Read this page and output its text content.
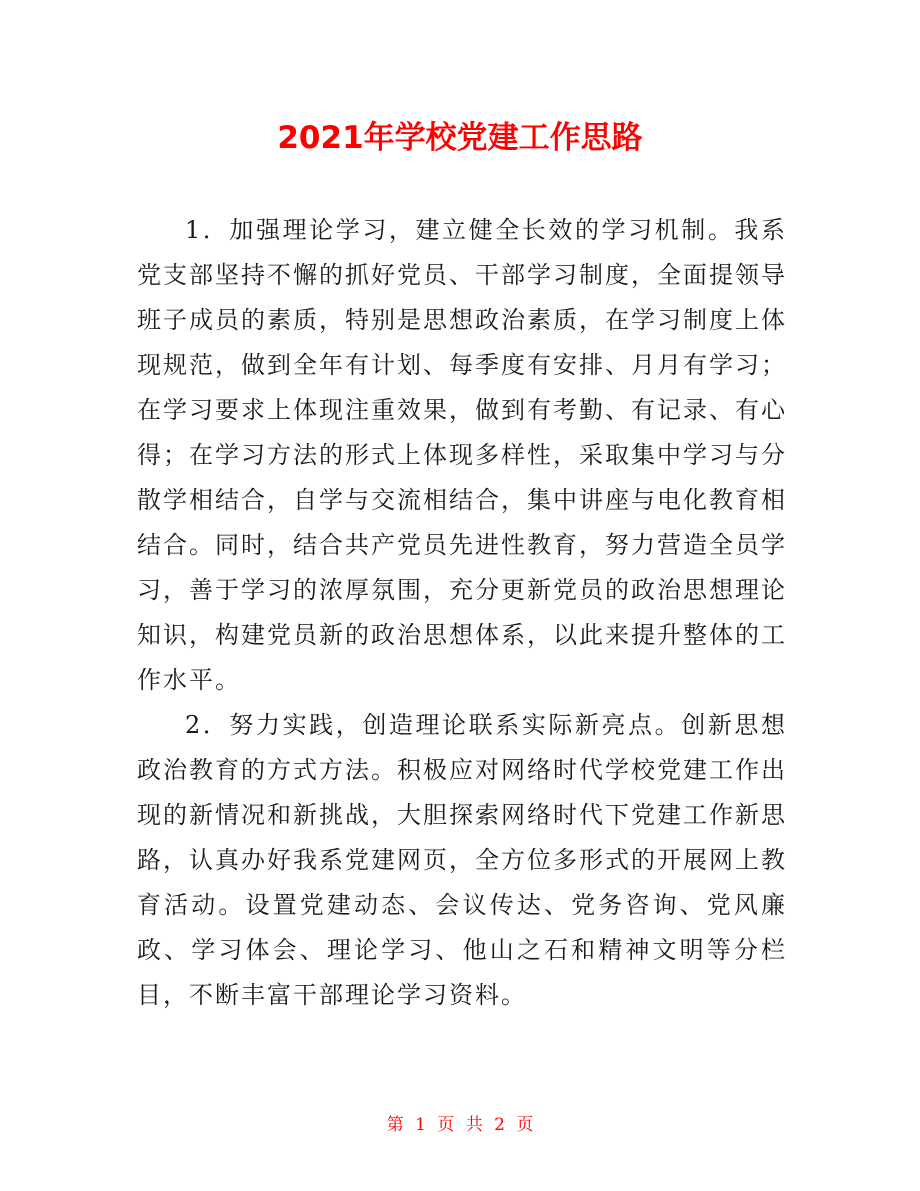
2021年学校党建工作思路

1．加强理论学习，建立健全长效的学习机制。我系党支部坚持不懈的抓好党员、干部学习制度，全面提领导班子成员的素质，特别是思想政治素质，在学习制度上体现规范，做到全年有计划、每季度有安排、月月有学习；在学习要求上体现注重效果，做到有考勤、有记录、有心得；在学习方法的形式上体现多样性，采取集中学习与分散学相结合，自学与交流相结合，集中讲座与电化教育相结合。同时，结合共产党员先进性教育，努力营造全员学习，善于学习的浓厚氛围，充分更新党员的政治思想理论知识，构建党员新的政治思想体系，以此来提升整体的工作水平。

2．努力实践，创造理论联系实际新亮点。创新思想政治教育的方式方法。积极应对网络时代学校党建工作出现的新情况和新挑战，大胆探索网络时代下党建工作新思路，认真办好我系党建网页，全方位多形式的开展网上教育活动。设置党建动态、会议传达、党务咨询、党风廉政、学习体会、理论学习、他山之石和精神文明等分栏目，不断丰富干部理论学习资料。

第 1 页 共 2 页
